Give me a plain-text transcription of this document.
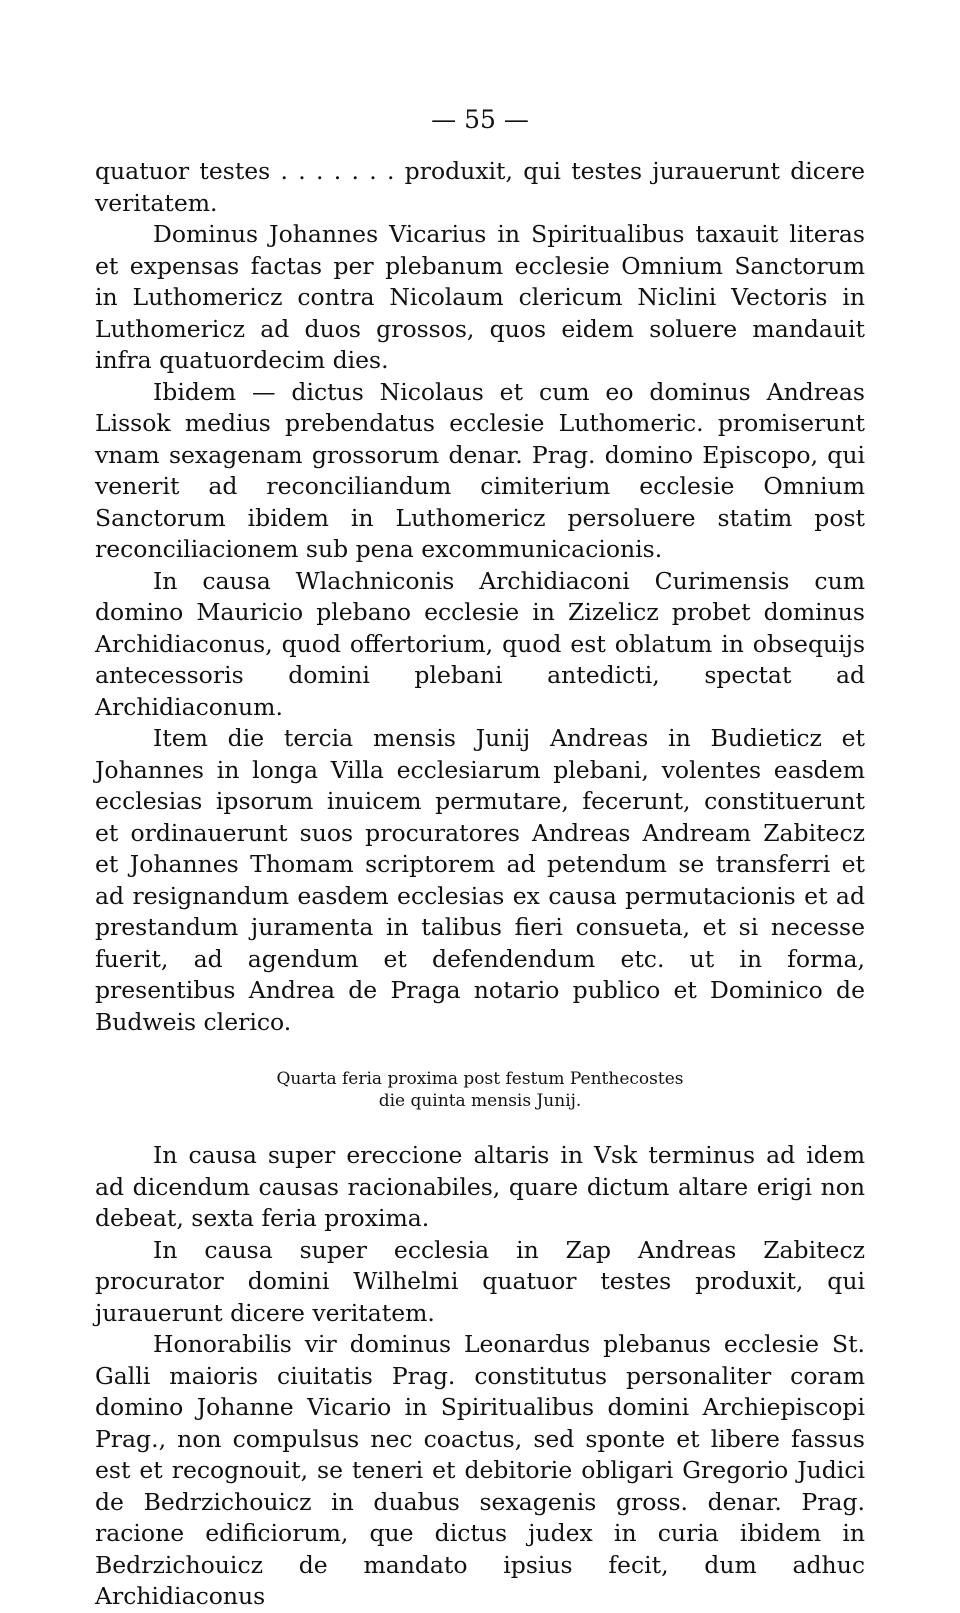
— 55 —

quatuor testes . . . . . . . produxit, qui testes jurauerunt dicere veritatem.

Dominus Johannes Vicarius in Spiritualibus taxauit literas et expensas factas per plebanum ecclesie Omnium Sanctorum in Luthomericz contra Nicolaum clericum Niclini Vectoris in Luthomericz ad duos grossos, quos eidem soluere mandauit infra quatuordecim dies.

Ibidem — dictus Nicolaus et cum eo dominus Andreas Lissok medius prebendatus ecclesie Luthomeric. promiserunt vnam sexagenam grossorum denar. Prag. domino Episcopo, qui venerit ad reconciliandum cimiterium ecclesie Omnium Sanctorum ibidem in Luthomericz persoluere statim post reconciliacionem sub pena excommunicacionis.

In causa Wlachniconis Archidiaconi Curimensis cum domino Mauricio plebano ecclesie in Zizelicz probet dominus Archidiaconus, quod offertorium, quod est oblatum in obsequijs antecessoris domini plebani antedicti, spectat ad Archidiaconum.

Item die tercia mensis Junij Andreas in Budieticz et Johannes in longa Villa ecclesiarum plebani, volentes easdem ecclesias ipsorum inuicem permutare, fecerunt, constituerunt et ordinauerunt suos procuratores Andreas Andream Zabitecz et Johannes Thomam scriptorem ad petendum se transferri et ad resignandum easdem ecclesias ex causa permutacionis et ad prestandum juramenta in talibus fieri consueta, et si necesse fuerit, ad agendum et defendendum etc. ut in forma, presentibus Andrea de Praga notario publico et Dominico de Budweis clerico.

Quarta feria proxima post festum Penthecostes
die quinta mensis Junij.

In causa super ereccione altaris in Vsk terminus ad idem ad dicendum causas racionabiles, quare dictum altare erigi non debeat, sexta feria proxima.

In causa super ecclesia in Zap Andreas Zabitecz procurator domini Wilhelmi quatuor testes produxit, qui jurauerunt dicere veritatem.

Honorabilis vir dominus Leonardus plebanus ecclesie St. Galli maioris ciuitatis Prag. constitutus personaliter coram domino Johanne Vicario in Spiritualibus domini Archiepiscopi Prag., non compulsus nec coactus, sed sponte et libere fassus est et recognouit, se teneri et debitorie obligari Gregorio Judici de Bedrzichouicz in duabus sexagenis gross. denar. Prag. racione edificiorum, que dictus judex in curia ibidem in Bedrzichouicz de mandato ipsius fecit, dum adhuc Archidiaconus
